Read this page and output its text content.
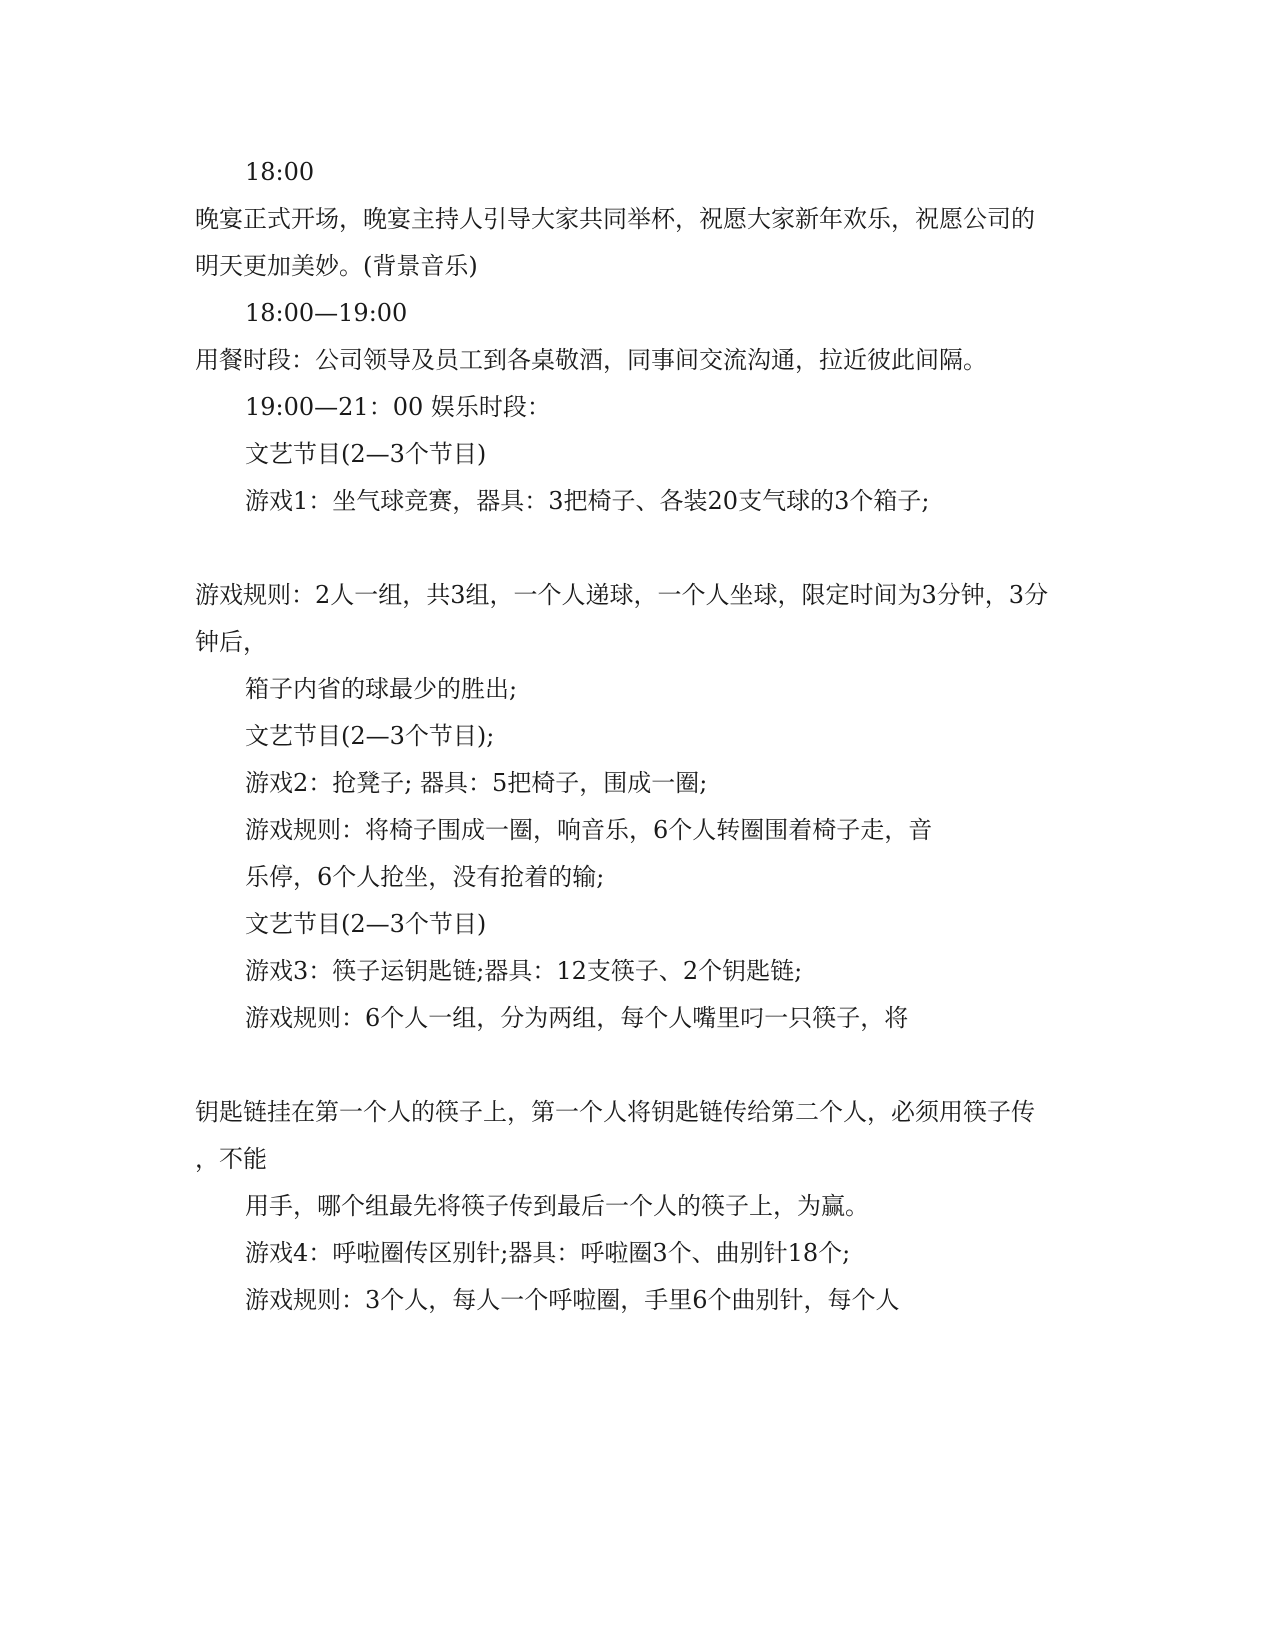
18:00
晚宴正式开场，晚宴主持人引导大家共同举杯，祝愿大家新年欢乐，祝愿公司的
明天更加美妙。(背景音乐)
18:00—19:00
用餐时段：公司领导及员工到各桌敬酒，同事间交流沟通，拉近彼此间隔。
19:00—21：00 娱乐时段：
文艺节目(2—3个节目)
游戏1：坐气球竞赛，器具：3把椅子、各装20支气球的3个箱子;
游戏规则：2人一组，共3组，一个人递球，一个人坐球，限定时间为3分钟，3分
钟后，
箱子内省的球最少的胜出;
文艺节目(2—3个节目);
游戏2：抢凳子; 器具：5把椅子，围成一圈;
游戏规则：将椅子围成一圈，响音乐，6个人转圈围着椅子走，音
乐停，6个人抢坐，没有抢着的输;
文艺节目(2—3个节目)
游戏3：筷子运钥匙链;器具：12支筷子、2个钥匙链;
游戏规则：6个人一组，分为两组，每个人嘴里叼一只筷子，将
钥匙链挂在第一个人的筷子上，第一个人将钥匙链传给第二个人，必须用筷子传
，不能
用手，哪个组最先将筷子传到最后一个人的筷子上，为赢。
游戏4：呼啦圈传区别针;器具：呼啦圈3个、曲别针18个;
游戏规则：3个人，每人一个呼啦圈，手里6个曲别针，每个人
